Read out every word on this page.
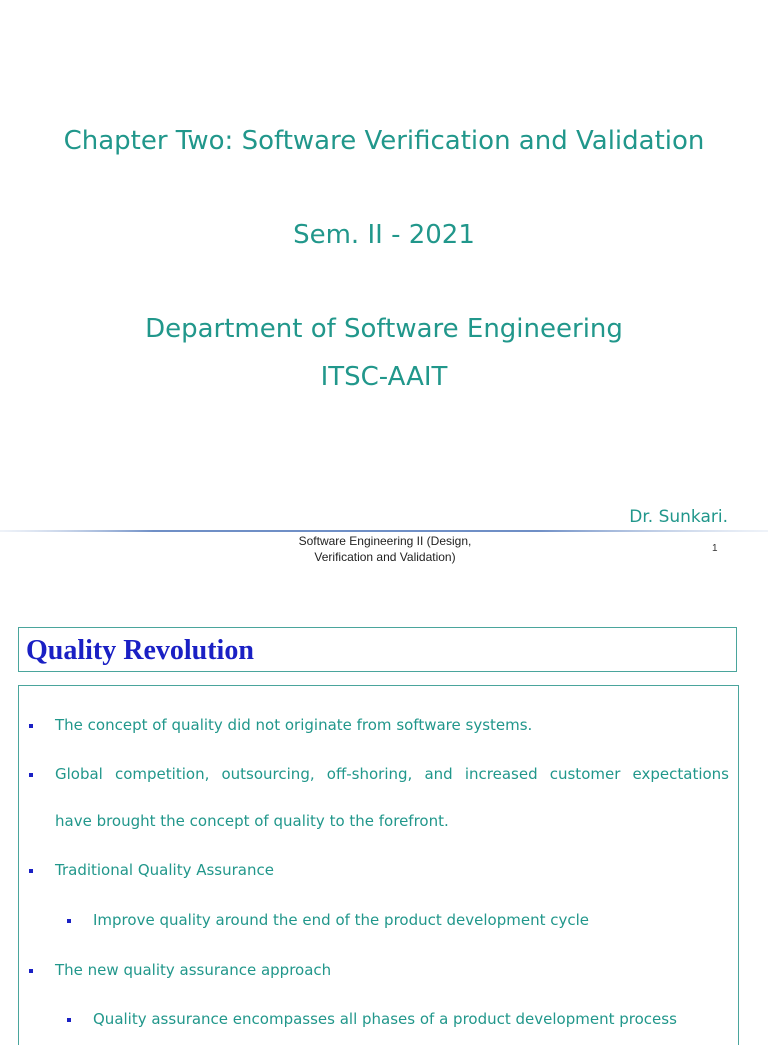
Chapter Two: Software Verification and Validation
Sem. II - 2021
Department of Software Engineering
ITSC-AAIT
Dr. Sunkari.
Software Engineering II (Design,
Verification and Validation)
1
Quality Revolution
The concept of quality did not originate from software systems.
Global competition, outsourcing, off-shoring, and increased customer expectations
have brought the concept of quality to the forefront.
Traditional Quality Assurance
Improve quality around the end of the product development cycle
The new quality assurance approach
Quality assurance encompasses all phases of a product development process
